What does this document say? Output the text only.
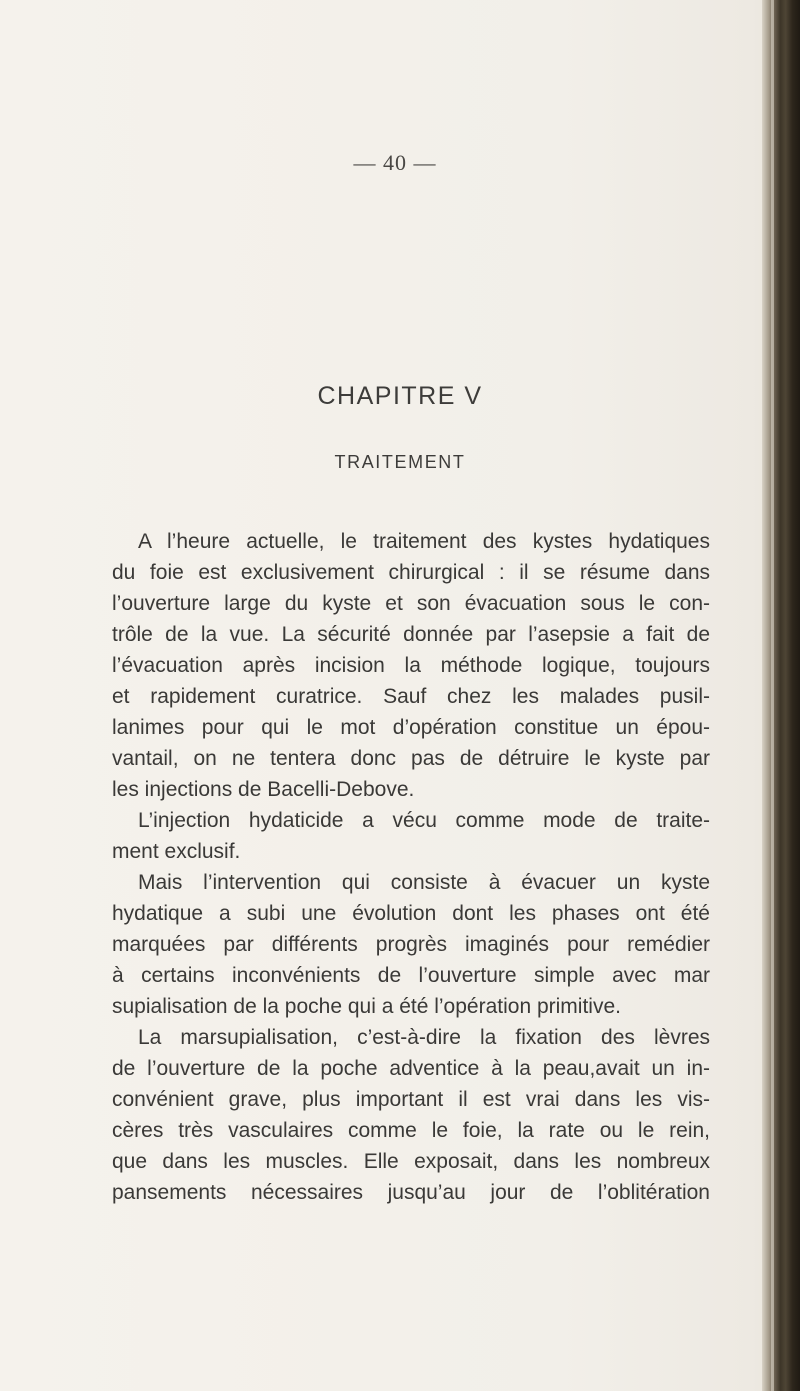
— 40 —
CHAPITRE V
TRAITEMENT
A l’heure actuelle, le traitement des kystes hydatiques
du foie est exclusivement chirurgical : il se résume dans
l’ouverture large du kyste et son évacuation sous le con-
trôle de la vue. La sécurité donnée par l’asepsie a fait de
l’évacuation après incision la méthode logique, toujours
et rapidement curatrice. Sauf chez les malades pusil-
lanimes pour qui le mot d’opération constitue un épou-
vantail, on ne tentera donc pas de détruire le kyste par
les injections de Bacelli-Debove.
L’injection hydaticide a vécu comme mode de traite-
ment exclusif.
Mais l’intervention qui consiste à évacuer un kyste
hydatique a subi une évolution dont les phases ont été
marquées par différents progrès imaginés pour remédier
à certains inconvénients de l’ouverture simple avec mar
supialisation de la poche qui a été l’opération primitive.
La marsupialisation, c’est-à-dire la fixation des lèvres
de l’ouverture de la poche adventice à la peau,avait un in-
convénient grave, plus important il est vrai dans les vis-
cères très vasculaires comme le foie, la rate ou le rein,
que dans les muscles. Elle exposait, dans les nombreux
pansements nécessaires jusqu’au jour de l’oblitération
